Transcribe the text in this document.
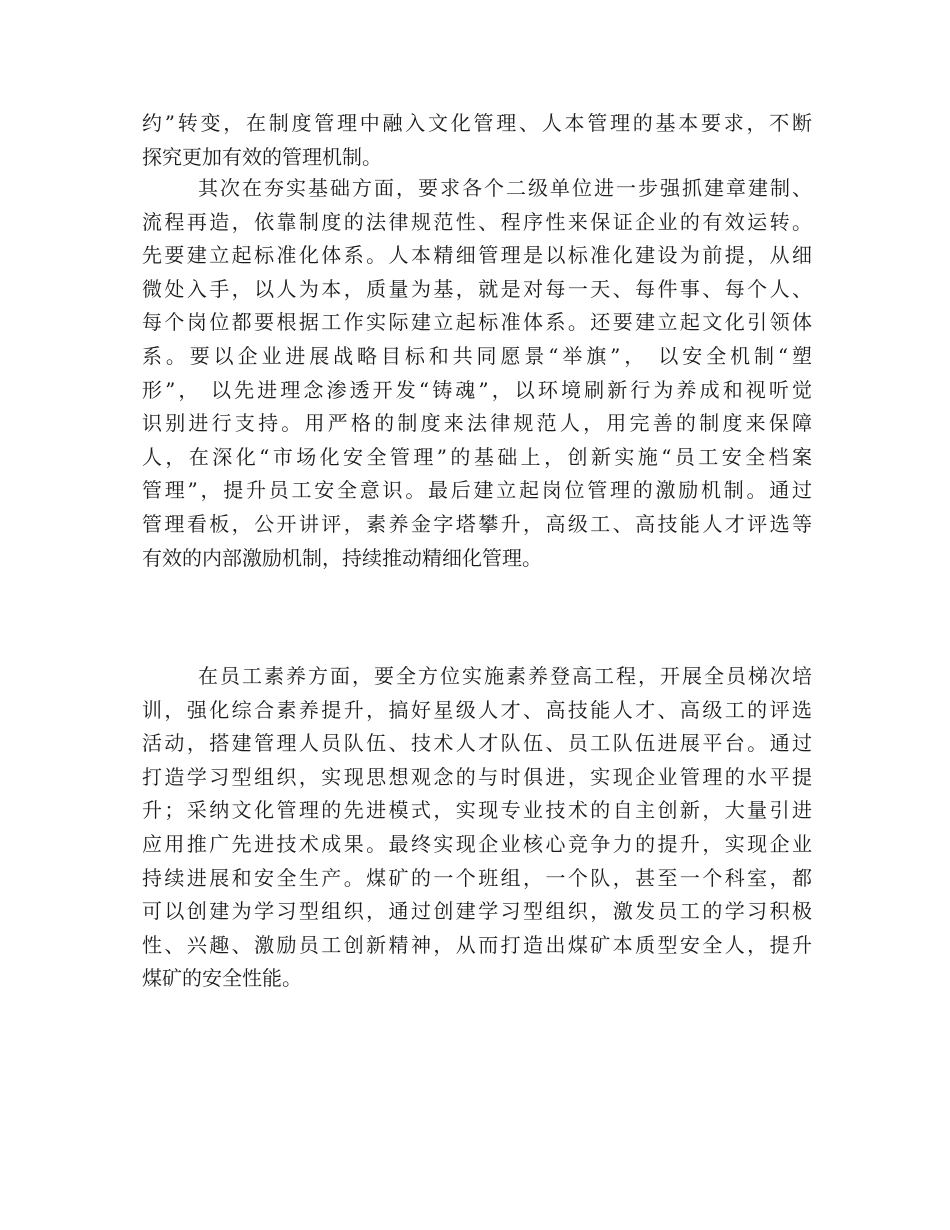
约”转变，在制度管理中融入文化管理、人本管理的基本要求，不断
探究更加有效的管理机制。
其次在夯实基础方面，要求各个二级单位进一步强抓建章建制、
流程再造，依靠制度的法律规范性、程序性来保证企业的有效运转。
先要建立起标准化体系。人本精细管理是以标准化建设为前提，从细
微处入手，以人为本，质量为基，就是对每一天、每件事、每个人、
每个岗位都要根据工作实际建立起标准体系。还要建立起文化引领体
系。要以企业进展战略目标和共同愿景“举旗”， 以安全机制“塑
形”， 以先进理念渗透开发“铸魂”，以环境刷新行为养成和视听觉
识别进行支持。用严格的制度来法律规范人，用完善的制度来保障
人，在深化“市场化安全管理”的基础上，创新实施“员工安全档案
管理”，提升员工安全意识。最后建立起岗位管理的激励机制。通过
管理看板，公开讲评，素养金字塔攀升，高级工、高技能人才评选等
有效的内部激励机制，持续推动精细化管理。
在员工素养方面，要全方位实施素养登高工程，开展全员梯次培
训，强化综合素养提升，搞好星级人才、高技能人才、高级工的评选
活动，搭建管理人员队伍、技术人才队伍、员工队伍进展平台。通过
打造学习型组织，实现思想观念的与时俱进，实现企业管理的水平提
升；采纳文化管理的先进模式，实现专业技术的自主创新，大量引进
应用推广先进技术成果。最终实现企业核心竞争力的提升，实现企业
持续进展和安全生产。煤矿的一个班组，一个队，甚至一个科室，都
可以创建为学习型组织，通过创建学习型组织，激发员工的学习积极
性、兴趣、激励员工创新精神，从而打造出煤矿本质型安全人，提升
煤矿的安全性能。
